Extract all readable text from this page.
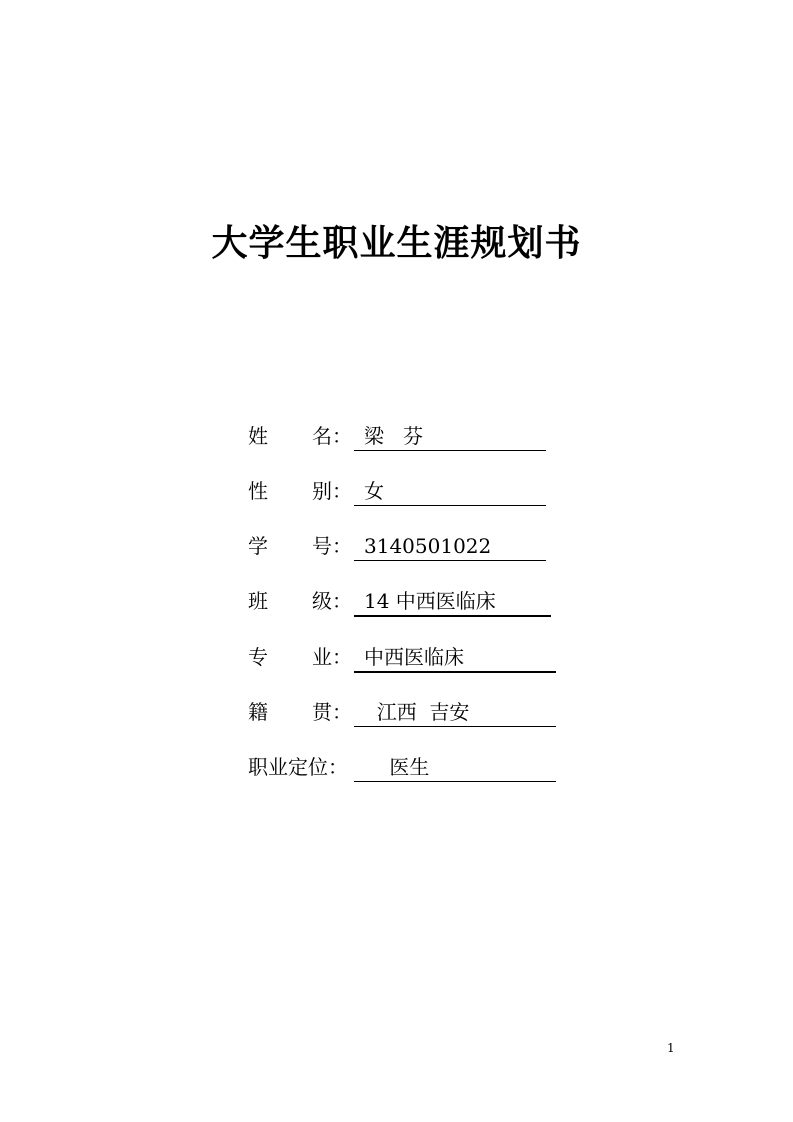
大学生职业生涯规划书
姓 名： 梁   芬
性 别： 女
学 号： 3140501022
班 级： 14 中西医临床
专 业： 中西医临床
籍 贯： 江西  吉安
职业定位： 医生
1
